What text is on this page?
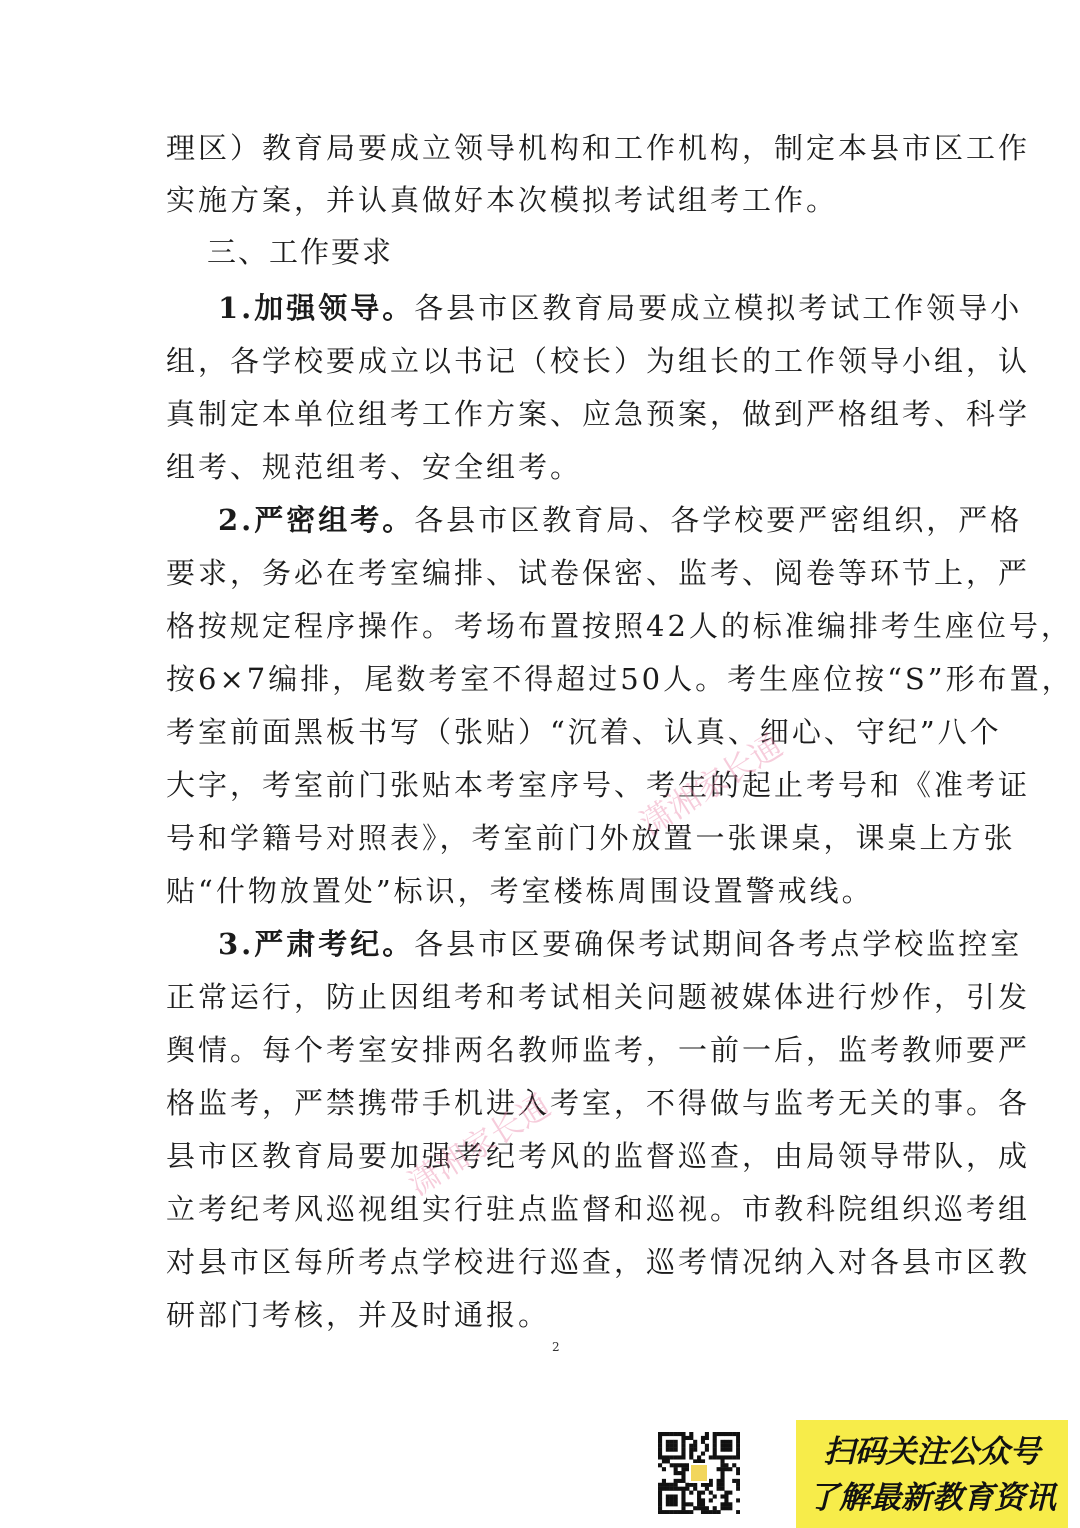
理区）教育局要成立领导机构和工作机构，制定本县市区工作
实施方案，并认真做好本次模拟考试组考工作。
三、工作要求
1.加强领导。各县市区教育局要成立模拟考试工作领导小
组，各学校要成立以书记（校长）为组长的工作领导小组，认
真制定本单位组考工作方案、应急预案，做到严格组考、科学
组考、规范组考、安全组考。
2.严密组考。各县市区教育局、各学校要严密组织，严格
要求，务必在考室编排、试卷保密、监考、阅卷等环节上，严
格按规定程序操作。考场布置按照42人的标准编排考生座位号，
按6×7编排，尾数考室不得超过50人。考生座位按“S”形布置，
考室前面黑板书写（张贴）“沉着、认真、细心、守纪”八个
大字，考室前门张贴本考室序号、考生的起止考号和《准考证
号和学籍号对照表》，考室前门外放置一张课桌，课桌上方张
贴“什物放置处”标识，考室楼栋周围设置警戒线。
3.严肃考纪。各县市区要确保考试期间各考点学校监控室
正常运行，防止因组考和考试相关问题被媒体进行炒作，引发
舆情。每个考室安排两名教师监考，一前一后，监考教师要严
格监考，严禁携带手机进入考室，不得做与监考无关的事。各
县市区教育局要加强考纪考风的监督巡查，由局领导带队，成
立考纪考风巡视组实行驻点监督和巡视。市教科院组织巡考组
对县市区每所考点学校进行巡查，巡考情况纳入对各县市区教
研部门考核，并及时通报。
2
潇湘家长通
潇湘家长通
扫码关注公众号
了解最新教育资讯
